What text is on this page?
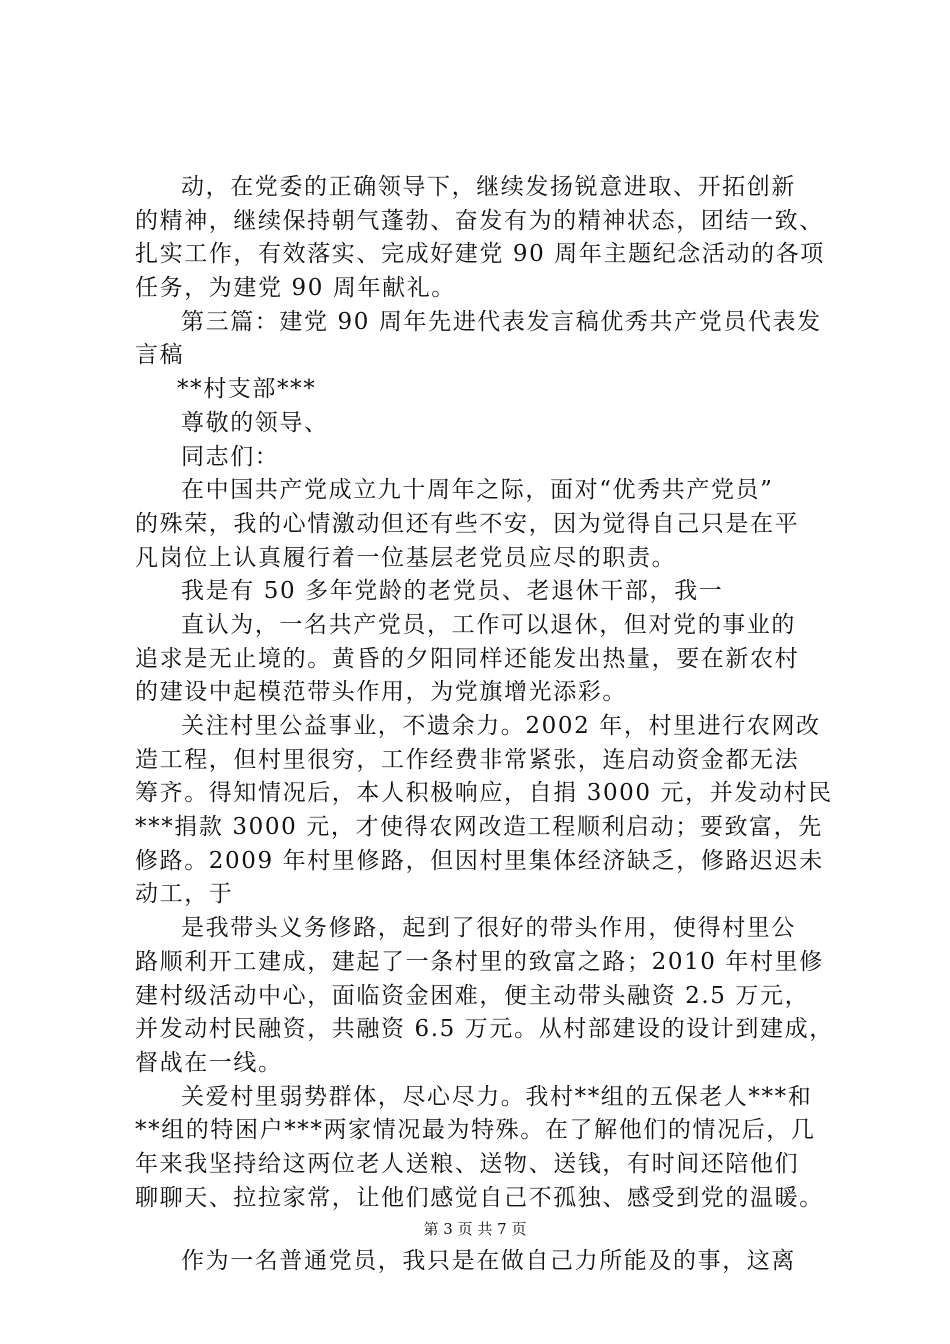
动，在党委的正确领导下，继续发扬锐意进取、开拓创新
的精神，继续保持朝气蓬勃、奋发有为的精神状态，团结一致、
扎实工作，有效落实、完成好建党 90 周年主题纪念活动的各项
任务，为建党 90 周年献礼。
第三篇：建党 90 周年先进代表发言稿优秀共产党员代表发
言稿
**村支部***
尊敬的领导、
同志们：
在中国共产党成立九十周年之际，面对“优秀共产党员”
的殊荣，我的心情激动但还有些不安，因为觉得自己只是在平
凡岗位上认真履行着一位基层老党员应尽的职责。
我是有 50 多年党龄的老党员、老退休干部，我一
直认为，一名共产党员，工作可以退休，但对党的事业的
追求是无止境的。黄昏的夕阳同样还能发出热量，要在新农村
的建设中起模范带头作用，为党旗增光添彩。
关注村里公益事业，不遗余力。2002 年，村里进行农网改
造工程，但村里很穷，工作经费非常紧张，连启动资金都无法
筹齐。得知情况后，本人积极响应，自捐 3000 元，并发动村民
***捐款 3000 元，才使得农网改造工程顺利启动；要致富，先
修路。2009 年村里修路，但因村里集体经济缺乏，修路迟迟未
动工，于
是我带头义务修路，起到了很好的带头作用，使得村里公
路顺利开工建成，建起了一条村里的致富之路；2010 年村里修
建村级活动中心，面临资金困难，便主动带头融资 2.5 万元，
并发动村民融资，共融资 6.5 万元。从村部建设的设计到建成，
督战在一线。
关爱村里弱势群体，尽心尽力。我村**组的五保老人***和
**组的特困户***两家情况最为特殊。在了解他们的情况后，几
年来我坚持给这两位老人送粮、送物、送钱，有时间还陪他们
聊聊天、拉拉家常，让他们感觉自己不孤独、感受到党的温暖。
作为一名普通党员，我只是在做自己力所能及的事，这离
第 3 页 共 7 页
